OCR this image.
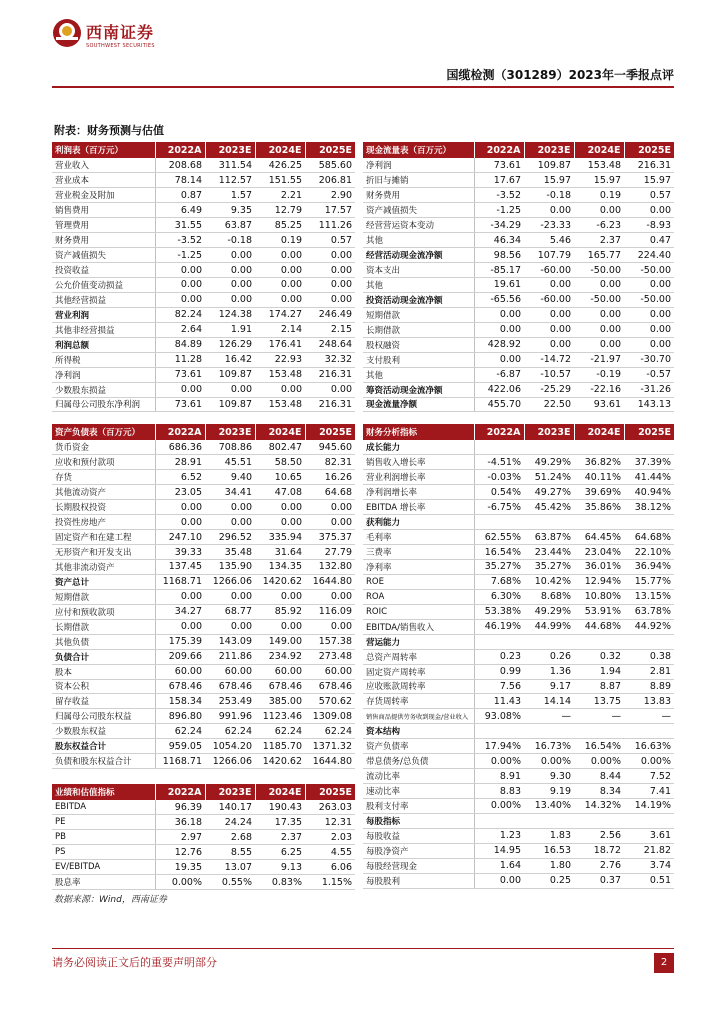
西南证券
SOUTHWEST SECURITIES
国缆检测（301289）2023年一季报点评
附表：财务预测与估值
利润表（百万元）	2022A	2023E	2024E	2025E
营业收入	208.68	311.54	426.25	585.60
营业成本	78.14	112.57	151.55	206.81
营业税金及附加	0.87	1.57	2.21	2.90
销售费用	6.49	9.35	12.79	17.57
管理费用	31.55	63.87	85.25	111.26
财务费用	-3.52	-0.18	0.19	0.57
资产减值损失	-1.25	0.00	0.00	0.00
投资收益	0.00	0.00	0.00	0.00
公允价值变动损益	0.00	0.00	0.00	0.00
其他经营损益	0.00	0.00	0.00	0.00
营业利润	82.24	124.38	174.27	246.49
其他非经营损益	2.64	1.91	2.14	2.15
利润总额	84.89	126.29	176.41	248.64
所得税	11.28	16.42	22.93	32.32
净利润	73.61	109.87	153.48	216.31
少数股东损益	0.00	0.00	0.00	0.00
归属母公司股东净利润	73.61	109.87	153.48	216.31
现金流量表（百万元）	2022A	2023E	2024E	2025E
净利润	73.61	109.87	153.48	216.31
折旧与摊销	17.67	15.97	15.97	15.97
财务费用	-3.52	-0.18	0.19	0.57
资产减值损失	-1.25	0.00	0.00	0.00
经营营运资本变动	-34.29	-23.33	-6.23	-8.93
其他	46.34	5.46	2.37	0.47
经营活动现金流净额	98.56	107.79	165.77	224.40
资本支出	-85.17	-60.00	-50.00	-50.00
其他	19.61	0.00	0.00	0.00
投资活动现金流净额	-65.56	-60.00	-50.00	-50.00
短期借款	0.00	0.00	0.00	0.00
长期借款	0.00	0.00	0.00	0.00
股权融资	428.92	0.00	0.00	0.00
支付股利	0.00	-14.72	-21.97	-30.70
其他	-6.87	-10.57	-0.19	-0.57
筹资活动现金流净额	422.06	-25.29	-22.16	-31.26
现金流量净额	455.70	22.50	93.61	143.13
资产负债表（百万元）	2022A	2023E	2024E	2025E
货币资金	686.36	708.86	802.47	945.60
应收和预付款项	28.91	45.51	58.50	82.31
存货	6.52	9.40	10.65	16.26
其他流动资产	23.05	34.41	47.08	64.68
长期股权投资	0.00	0.00	0.00	0.00
投资性房地产	0.00	0.00	0.00	0.00
固定资产和在建工程	247.10	296.52	335.94	375.37
无形资产和开发支出	39.33	35.48	31.64	27.79
其他非流动资产	137.45	135.90	134.35	132.80
资产总计	1168.71	1266.06	1420.62	1644.80
短期借款	0.00	0.00	0.00	0.00
应付和预收款项	34.27	68.77	85.92	116.09
长期借款	0.00	0.00	0.00	0.00
其他负债	175.39	143.09	149.00	157.38
负债合计	209.66	211.86	234.92	273.48
股本	60.00	60.00	60.00	60.00
资本公积	678.46	678.46	678.46	678.46
留存收益	158.34	253.49	385.00	570.62
归属母公司股东权益	896.80	991.96	1123.46	1309.08
少数股东权益	62.24	62.24	62.24	62.24
股东权益合计	959.05	1054.20	1185.70	1371.32
负债和股东权益合计	1168.71	1266.06	1420.62	1644.80
财务分析指标	2022A	2023E	2024E	2025E
成长能力				
销售收入增长率	-4.51%	49.29%	36.82%	37.39%
营业利润增长率	-0.03%	51.24%	40.11%	41.44%
净利润增长率	0.54%	49.27%	39.69%	40.94%
EBITDA 增长率	-6.75%	45.42%	35.86%	38.12%
获利能力				
毛利率	62.55%	63.87%	64.45%	64.68%
三费率	16.54%	23.44%	23.04%	22.10%
净利率	35.27%	35.27%	36.01%	36.94%
ROE	7.68%	10.42%	12.94%	15.77%
ROA	6.30%	8.68%	10.80%	13.15%
ROIC	53.38%	49.29%	53.91%	63.78%
EBITDA/销售收入	46.19%	44.99%	44.68%	44.92%
营运能力				
总资产周转率	0.23	0.26	0.32	0.38
固定资产周转率	0.99	1.36	1.94	2.81
应收账款周转率	7.56	9.17	8.87	8.89
存货周转率	11.43	14.14	13.75	13.83
销售商品提供劳务收到现金/营业收入	93.08%	—	—	—
资本结构				
资产负债率	17.94%	16.73%	16.54%	16.63%
带息债务/总负债	0.00%	0.00%	0.00%	0.00%
流动比率	8.91	9.30	8.44	7.52
速动比率	8.83	9.19	8.34	7.41
股利支付率	0.00%	13.40%	14.32%	14.19%
每股指标				
每股收益	1.23	1.83	2.56	3.61
每股净资产	14.95	16.53	18.72	21.82
每股经营现金	1.64	1.80	2.76	3.74
每股股利	0.00	0.25	0.37	0.51
业绩和估值指标	2022A	2023E	2024E	2025E
EBITDA	96.39	140.17	190.43	263.03
PE	36.18	24.24	17.35	12.31
PB	2.97	2.68	2.37	2.03
PS	12.76	8.55	6.25	4.55
EV/EBITDA	19.35	13.07	9.13	6.06
股息率	0.00%	0.55%	0.83%	1.15%
数据来源：Wind，西南证券
请务必阅读正文后的重要声明部分	2
